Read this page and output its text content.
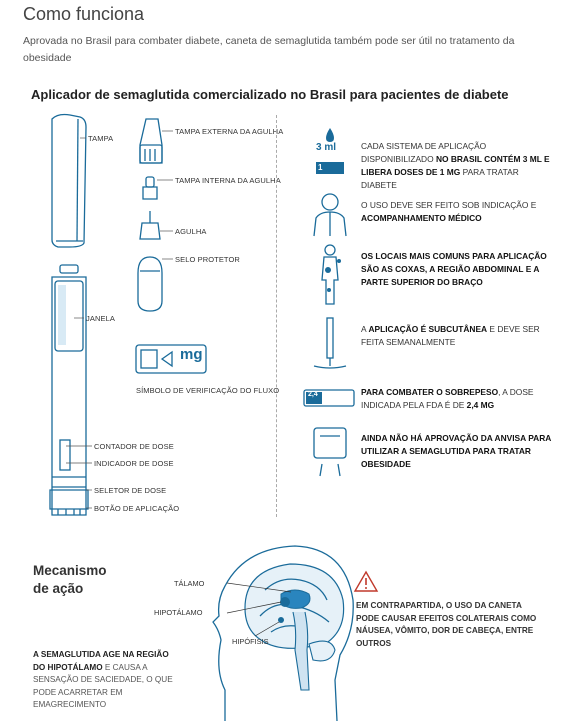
Como funciona
Aprovada no Brasil para combater diabete, caneta de semaglutida também pode ser útil no tratamento da obesidade
Aplicador de semaglutida comercializado no Brasil para pacientes de diabete
mg
TAMPA
JANELA
CONTADOR DE DOSE
INDICADOR DE DOSE
SELETOR DE DOSE
BOTÃO DE APLICAÇÃO
TAMPA EXTERNA DA AGULHA
TAMPA INTERNA DA AGULHA
AGULHA
SELO PROTETOR
SÍMBOLO DE VERIFICAÇÃO DO FLUXO
3 ml
1
2,4
CADA SISTEMA DE APLICAÇÃO DISPONIBILIZADO NO BRASIL CONTÉM 3 ML E LIBERA DOSES DE 1 MG PARA TRATAR DIABETE
O USO DEVE SER FEITO SOB INDICAÇÃO E ACOMPANHAMENTO MÉDICO
OS LOCAIS MAIS COMUNS PARA APLICAÇÃO SÃO AS COXAS, A REGIÃO ABDOMINAL E A PARTE SUPERIOR DO BRAÇO
A APLICAÇÃO É SUBCUTÂNEA E DEVE SER FEITA SEMANALMENTE
PARA COMBATER O SOBREPESO, A DOSE INDICADA PELA FDA É DE 2,4 MG
AINDA NÃO HÁ APROVAÇÃO DA ANVISA PARA UTILIZAR A SEMAGLUTIDA PARA TRATAR OBESIDADE
Mecanismo
de ação	TÁLAMO
HIPOTÁLAMO
HIPÓFISIS
A SEMAGLUTIDA AGE NA REGIÃO DO HIPOTÁLAMO E CAUSA A SENSAÇÃO DE SACIEDADE, O QUE PODE ACARRETAR EM EMAGRECIMENTO
EM CONTRAPARTIDA, O USO DA CANETA PODE CAUSAR EFEITOS COLATERAIS COMO NÁUSEA, VÔMITO, DOR DE CABEÇA, ENTRE OUTROS
